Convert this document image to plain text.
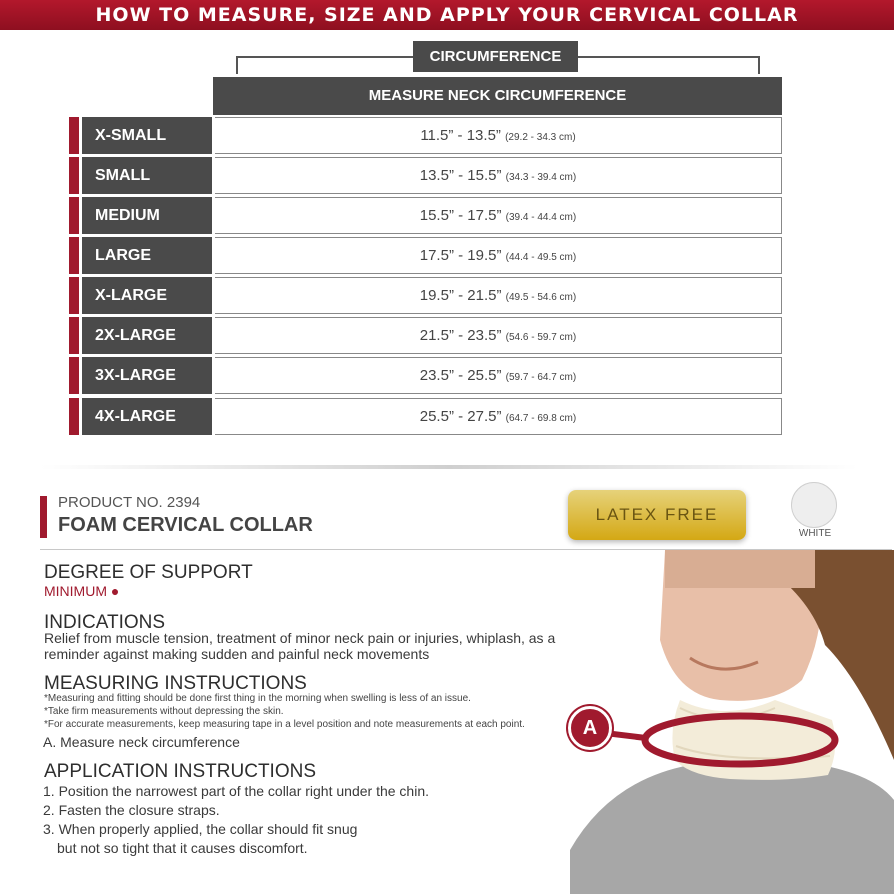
HOW TO MEASURE, SIZE AND APPLY YOUR CERVICAL COLLAR
CIRCUMFERENCE
MEASURE NECK CIRCUMFERENCE
X-SMALL	11.5” - 13.5” (29.2 - 34.3 cm)
SMALL	13.5” - 15.5” (34.3 - 39.4 cm)
MEDIUM	15.5” - 17.5” (39.4 - 44.4 cm)
LARGE	17.5” - 19.5” (44.4 - 49.5 cm)
X-LARGE	19.5” - 21.5” (49.5 - 54.6 cm)
2X-LARGE	21.5” - 23.5” (54.6 - 59.7 cm)
3X-LARGE	23.5” - 25.5” (59.7 - 64.7 cm)
4X-LARGE	25.5” - 27.5” (64.7 - 69.8 cm)
PRODUCT NO. 2394
FOAM CERVICAL COLLAR	LATEX FREE
WHITE
DEGREE OF SUPPORT
MINIMUM ●
INDICATIONS
Relief from muscle tension, treatment of minor neck pain or injuries, whiplash, as a reminder against making sudden and painful neck movements
MEASURING INSTRUCTIONS
*Measuring and fitting should be done first thing in the morning when swelling is less of an issue.
*Take firm measurements without depressing the skin.
*For accurate measurements, keep measuring tape in a level position and note measurements at each point.
A. Measure neck circumference
APPLICATION INSTRUCTIONS
1. Position the narrowest part of the collar right under the chin.
2. Fasten the closure straps.
3. When properly applied, the collar should fit snug
but not so tight that it causes discomfort.
A
